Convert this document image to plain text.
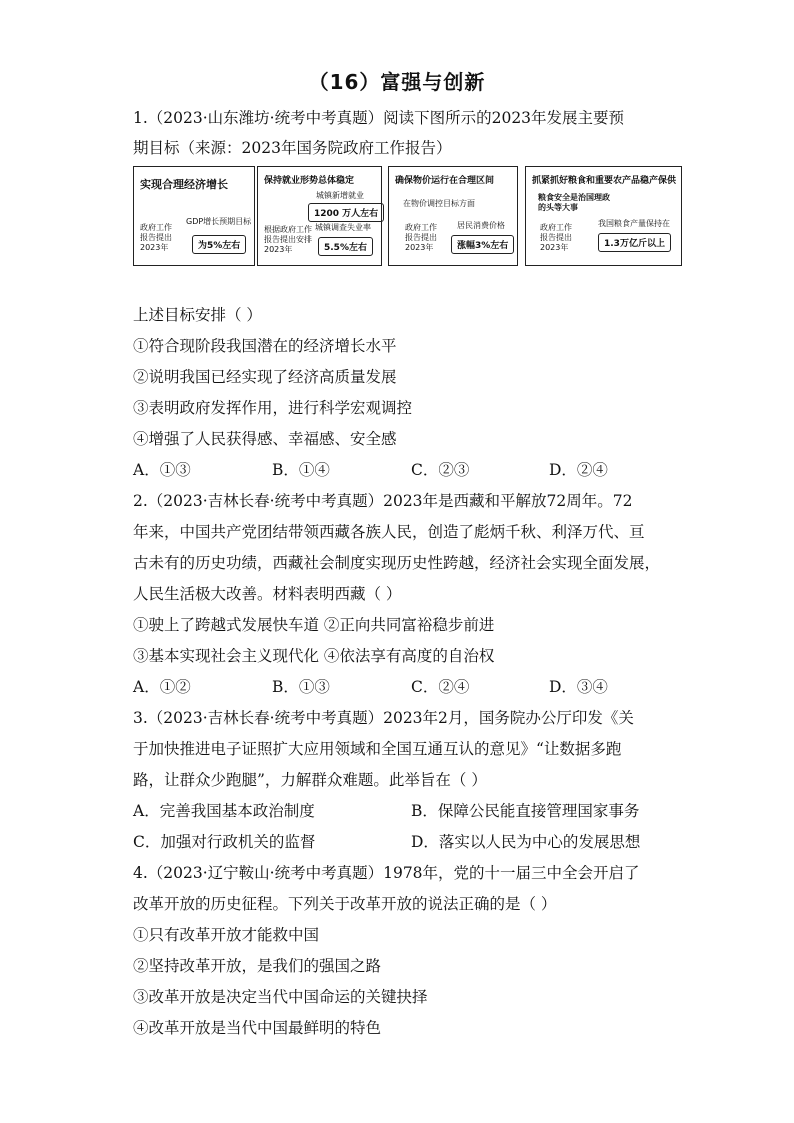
（16）富强与创新
1.（2023·山东潍坊·统考中考真题）阅读下图所示的2023年发展主要预
期目标（来源：2023年国务院政府工作报告）
实现合理经济增长
政府工作
报告提出
2023年
GDP增长预期目标
为5%左右
保持就业形势总体稳定
城镇新增就业
1200 万人左右
根据政府工作
报告提出安排
2023年
城镇调查失业率
5.5%左右
确保物价运行在合理区间
在物价调控目标方面
政府工作
报告提出
2023年
居民消费价格
涨幅3%左右
抓紧抓好粮食和重要农产品稳产保供
粮食安全是治国理政
的头等大事
政府工作
报告提出
2023年
我国粮食产量保持在
1.3万亿斤以上
上述目标安排（ ）
①符合现阶段我国潜在的经济增长水平
②说明我国已经实现了经济高质量发展
③表明政府发挥作用，进行科学宏观调控
④增强了人民获得感、幸福感、安全感
A．①③	B．①④	C．②③	D．②④
2.（2023·吉林长春·统考中考真题）2023年是西藏和平解放72周年。72
年来，中国共产党团结带领西藏各族人民，创造了彪炳千秋、利泽万代、亘
古未有的历史功绩，西藏社会制度实现历史性跨越，经济社会实现全面发展，
人民生活极大改善。材料表明西藏（ ）
①驶上了跨越式发展快车道 ②正向共同富裕稳步前进
③基本实现社会主义现代化 ④依法享有高度的自治权
A．①②	B．①③	C．②④	D．③④
3.（2023·吉林长春·统考中考真题）2023年2月，国务院办公厅印发《关
于加快推进电子证照扩大应用领域和全国互通互认的意见》“让数据多跑
路，让群众少跑腿”，力解群众难题。此举旨在（ ）
A．完善我国基本政治制度	B．保障公民能直接管理国家事务
C．加强对行政机关的监督	D．落实以人民为中心的发展思想
4.（2023·辽宁鞍山·统考中考真题）1978年，党的十一届三中全会开启了
改革开放的历史征程。下列关于改革开放的说法正确的是（ ）
①只有改革开放才能救中国
②坚持改革开放，是我们的强国之路
③改革开放是决定当代中国命运的关键抉择
④改革开放是当代中国最鲜明的特色
